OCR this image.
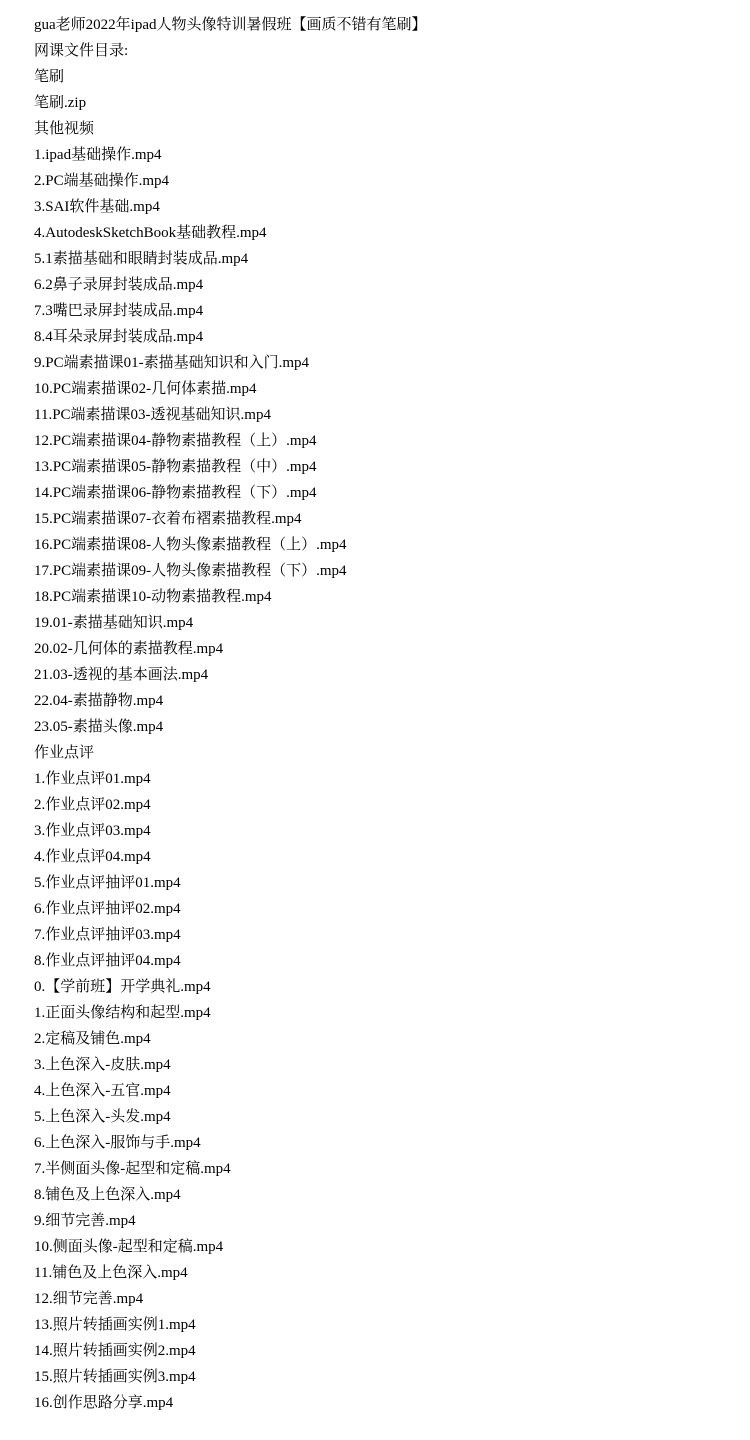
gua老师2022年ipad人物头像特训暑假班【画质不错有笔刷】
网课文件目录:
笔刷
笔刷.zip
其他视频
1.ipad基础操作.mp4
2.PC端基础操作.mp4
3.SAI软件基础.mp4
4.AutodeskSketchBook基础教程.mp4
5.1素描基础和眼睛封装成品.mp4
6.2鼻子录屏封装成品.mp4
7.3嘴巴录屏封装成品.mp4
8.4耳朵录屏封装成品.mp4
9.PC端素描课01-素描基础知识和入门.mp4
10.PC端素描课02-几何体素描.mp4
11.PC端素描课03-透视基础知识.mp4
12.PC端素描课04-静物素描教程（上）.mp4
13.PC端素描课05-静物素描教程（中）.mp4
14.PC端素描课06-静物素描教程（下）.mp4
15.PC端素描课07-衣着布褶素描教程.mp4
16.PC端素描课08-人物头像素描教程（上）.mp4
17.PC端素描课09-人物头像素描教程（下）.mp4
18.PC端素描课10-动物素描教程.mp4
19.01-素描基础知识.mp4
20.02-几何体的素描教程.mp4
21.03-透视的基本画法.mp4
22.04-素描静物.mp4
23.05-素描头像.mp4
作业点评
1.作业点评01.mp4
2.作业点评02.mp4
3.作业点评03.mp4
4.作业点评04.mp4
5.作业点评抽评01.mp4
6.作业点评抽评02.mp4
7.作业点评抽评03.mp4
8.作业点评抽评04.mp4
0.【学前班】开学典礼.mp4
1.正面头像结构和起型.mp4
2.定稿及铺色.mp4
3.上色深入-皮肤.mp4
4.上色深入-五官.mp4
5.上色深入-头发.mp4
6.上色深入-服饰与手.mp4
7.半侧面头像-起型和定稿.mp4
8.铺色及上色深入.mp4
9.细节完善.mp4
10.侧面头像-起型和定稿.mp4
11.铺色及上色深入.mp4
12.细节完善.mp4
13.照片转插画实例1.mp4
14.照片转插画实例2.mp4
15.照片转插画实例3.mp4
16.创作思路分享.mp4
